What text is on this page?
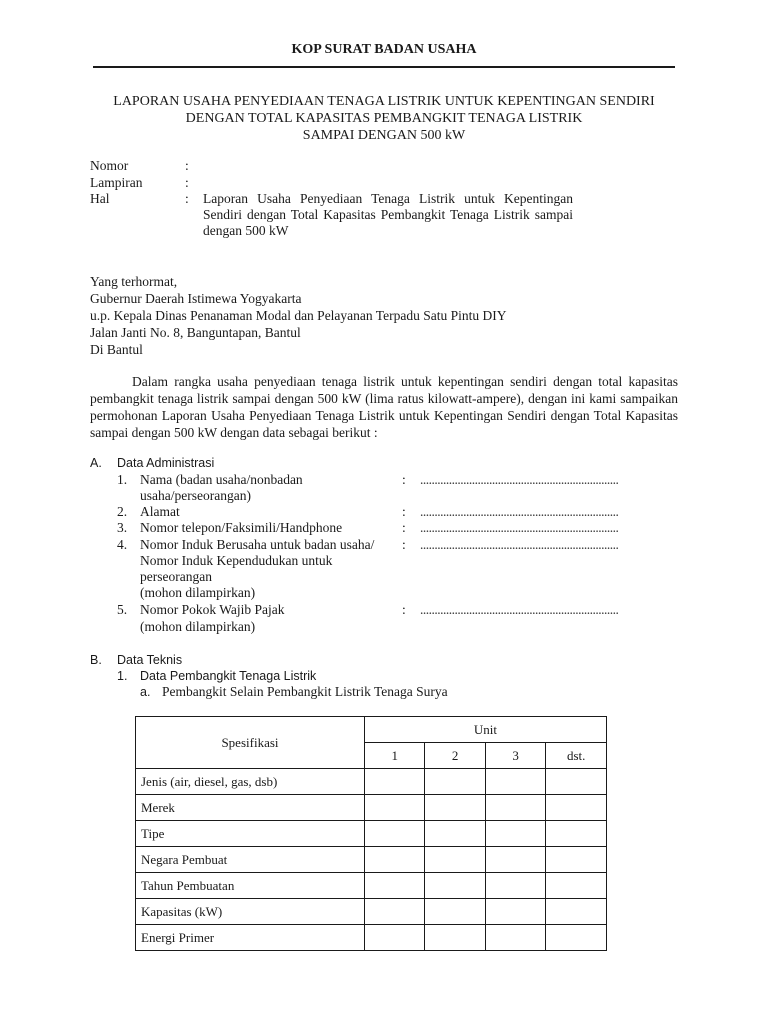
KOP SURAT BADAN USAHA
LAPORAN USAHA PENYEDIAAN TENAGA LISTRIK UNTUK KEPENTINGAN SENDIRI
DENGAN TOTAL KAPASITAS PEMBANGKIT TENAGA LISTRIK
SAMPAI DENGAN 500 kW
Nomor	:
Lampiran	:
Hal	: Laporan Usaha Penyediaan Tenaga Listrik untuk Kepentingan Sendiri dengan Total Kapasitas Pembangkit Tenaga Listrik sampai dengan 500 kW
Yang terhormat,
Gubernur Daerah Istimewa Yogyakarta
u.p. Kepala Dinas Penanaman Modal dan Pelayanan Terpadu Satu Pintu DIY
Jalan Janti No. 8, Banguntapan, Bantul
Di Bantul
Dalam rangka usaha penyediaan tenaga listrik untuk kepentingan sendiri dengan total kapasitas pembangkit tenaga listrik sampai dengan 500 kW (lima ratus kilowatt-ampere), dengan ini kami sampaikan permohonan Laporan Usaha Penyediaan Tenaga Listrik untuk Kepentingan Sendiri dengan Total Kapasitas sampai dengan 500 kW dengan data sebagai berikut :
A. Data Administrasi
1. Nama (badan usaha/nonbadan
usaha/perseorangan)
: .....................................................................
2. Alamat	: .....................................................................
3. Nomor telepon/Faksimili/Handphone	: .....................................................................
4. Nomor Induk Berusaha untuk badan usaha/
Nomor Induk Kependudukan untuk
perseorangan
(mohon dilampirkan)
: .....................................................................
5. Nomor Pokok Wajib Pajak
(mohon dilampirkan)
: .....................................................................
B. Data Teknis
1. Data Pembangkit Tenaga Listrik
a. Pembangkit Selain Pembangkit Listrik Tenaga Surya
Spesifikasi	Unit			
	1	2	3	dst.
Jenis (air, diesel, gas, dsb)				
Merek				
Tipe				
Negara Pembuat				
Tahun Pembuatan				
Kapasitas (kW)				
Energi Primer				
